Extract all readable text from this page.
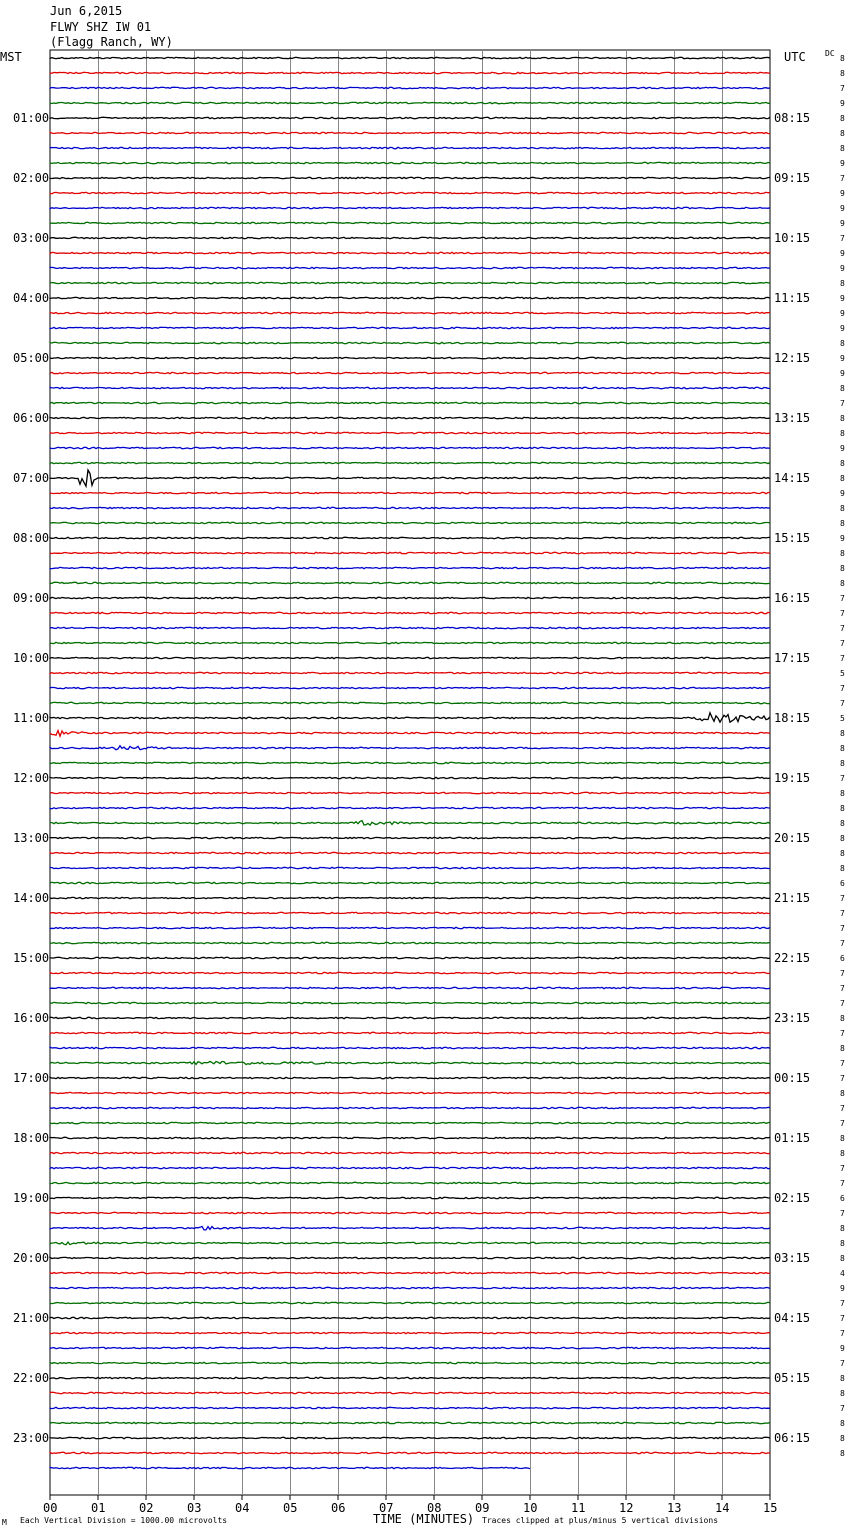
Jun 6,2015
FLWY SHZ IW 01
(Flagg Ranch, WY)
00	01	02	03	04	05	06	07	08	09	10	11	12	13	14	15
01:00
02:00
03:00
04:00
05:00
06:00
07:00
08:00
09:00
10:00
11:00
12:00
13:00
14:00
15:00
16:00
17:00
18:00
19:00
20:00
21:00
22:00
23:00
08:15
09:15
10:15
11:15
12:15
13:15
14:15
15:15
16:15
17:15
18:15
19:15
20:15
21:15
22:15
23:15
00:15
01:15
02:15
03:15
04:15
05:15
06:15
8
8
7
9
8
8
8
9
7
9
9
9
7
9
9
8
9
9
9
8
9
9
8
7
8
8
9
8
8
9
8
8
9
8
8
8
7
7
7
7
7
5
7
7
5
8
8
8
7
8
8
8
8
8
8
6
7
7
7
7
6
7
7
7
8
7
8
7
7
8
7
7
8
8
7
7
6
7
8
8
8
4
9
7
7
7
9
7
8
8
7
8
8
8
MST	UTC DC
TIME (MINUTES)
Each Vertical Division = 1000.00 microvolts	Traces clipped at plus/minus 5 vertical divisions
M
